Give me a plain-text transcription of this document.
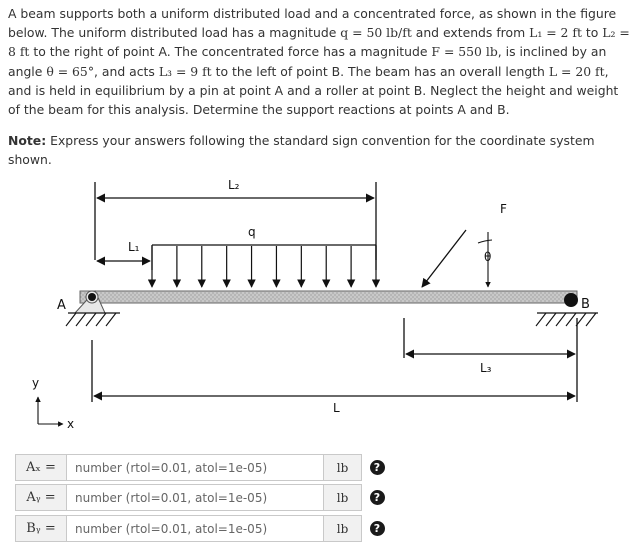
A beam supports both a uniform distributed load and a concentrated force, as shown in the figure below. The uniform distributed load has a magnitude q = 50 lb/ft and extends from L₁ = 2 ft to L₂ = 8 ft to the right of point A. The concentrated force has a magnitude F = 550 lb, is inclined by an angle θ = 65°, and acts L₃ = 9 ft to the left of point B. The beam has an overall length L = 20 ft, and is held in equilibrium by a pin at point A and a roller at point B. Neglect the height and weight of the beam for this analysis. Determine the support reactions at points A and B.

Note: Express your answers following the standard sign convention for the coordinate system shown.
L₂
L₁
q
F
θ
A	B
L₃
L
y
x
Aₓ =
number (rtol=0.01, atol=1e-05)	lb	?
Aᵧ =
number (rtol=0.01, atol=1e-05)	lb	?
Bᵧ =
number (rtol=0.01, atol=1e-05)	lb	?
